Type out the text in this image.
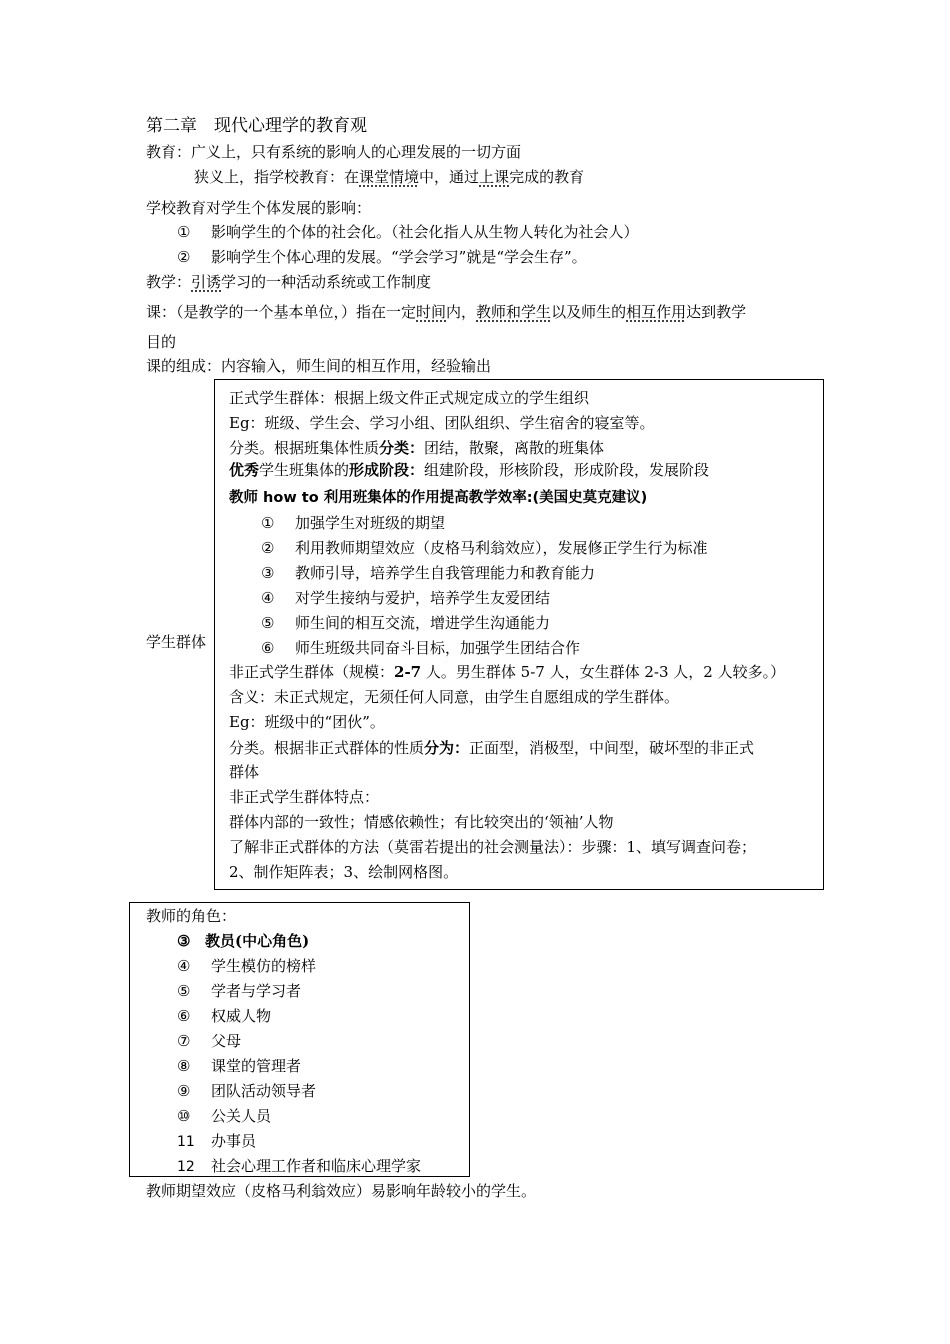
第二章　现代心理学的教育观
教育：广义上，只有系统的影响人的心理发展的一切方面
狭义上，指学校教育：在课堂情境中，通过上课完成的教育
学校教育对学生个体发展的影响：
① 影响学生的个体的社会化。（社会化指人从生物人转化为社会人）
② 影响学生个体心理的发展。“学会学习”就是“学会生存”。
教学：引诱学习的一种活动系统或工作制度
课：（是教学的一个基本单位，）指在一定时间内，教师和学生以及师生的相互作用达到教学
目的
课的组成：内容输入，师生间的相互作用，经验输出
学生群体
正式学生群体：根据上级文件正式规定成立的学生组织
Eg：班级、学生会、学习小组、团队组织、学生宿舍的寝室等。
分类。根据班集体性质分类：团结，散聚，离散的班集体
优秀学生班集体的形成阶段：组建阶段，形核阶段，形成阶段，发展阶段
教师 how to 利用班集体的作用提高教学效率:(美国史莫克建议)
① 加强学生对班级的期望
② 利用教师期望效应（皮格马利翁效应），发展修正学生行为标准
③ 教师引导，培养学生自我管理能力和教育能力
④ 对学生接纳与爱护，培养学生友爱团结
⑤ 师生间的相互交流，增进学生沟通能力
⑥ 师生班级共同奋斗目标，加强学生团结合作
非正式学生群体（规模：2-7 人。男生群体 5-7 人，女生群体 2-3 人，2 人较多。）
含义：未正式规定，无须任何人同意，由学生自愿组成的学生群体。
Eg：班级中的“团伙”。
分类。根据非正式群体的性质分为：正面型，消极型，中间型，破坏型的非正式
群体
非正式学生群体特点：
群体内部的一致性；情感依赖性；有比较突出的‘领袖’人物
了解非正式群体的方法（莫雷若提出的社会测量法）：步骤：1、填写调查问卷；
2、制作矩阵表；3、绘制网格图。
教师的角色：
③ 教员(中心角色)
④ 学生模仿的榜样
⑤ 学者与学习者
⑥ 权威人物
⑦ 父母
⑧ 课堂的管理者
⑨ 团队活动领导者
⑩ 公关人员
11 办事员
12 社会心理工作者和临床心理学家
教师期望效应（皮格马利翁效应）易影响年龄较小的学生。
